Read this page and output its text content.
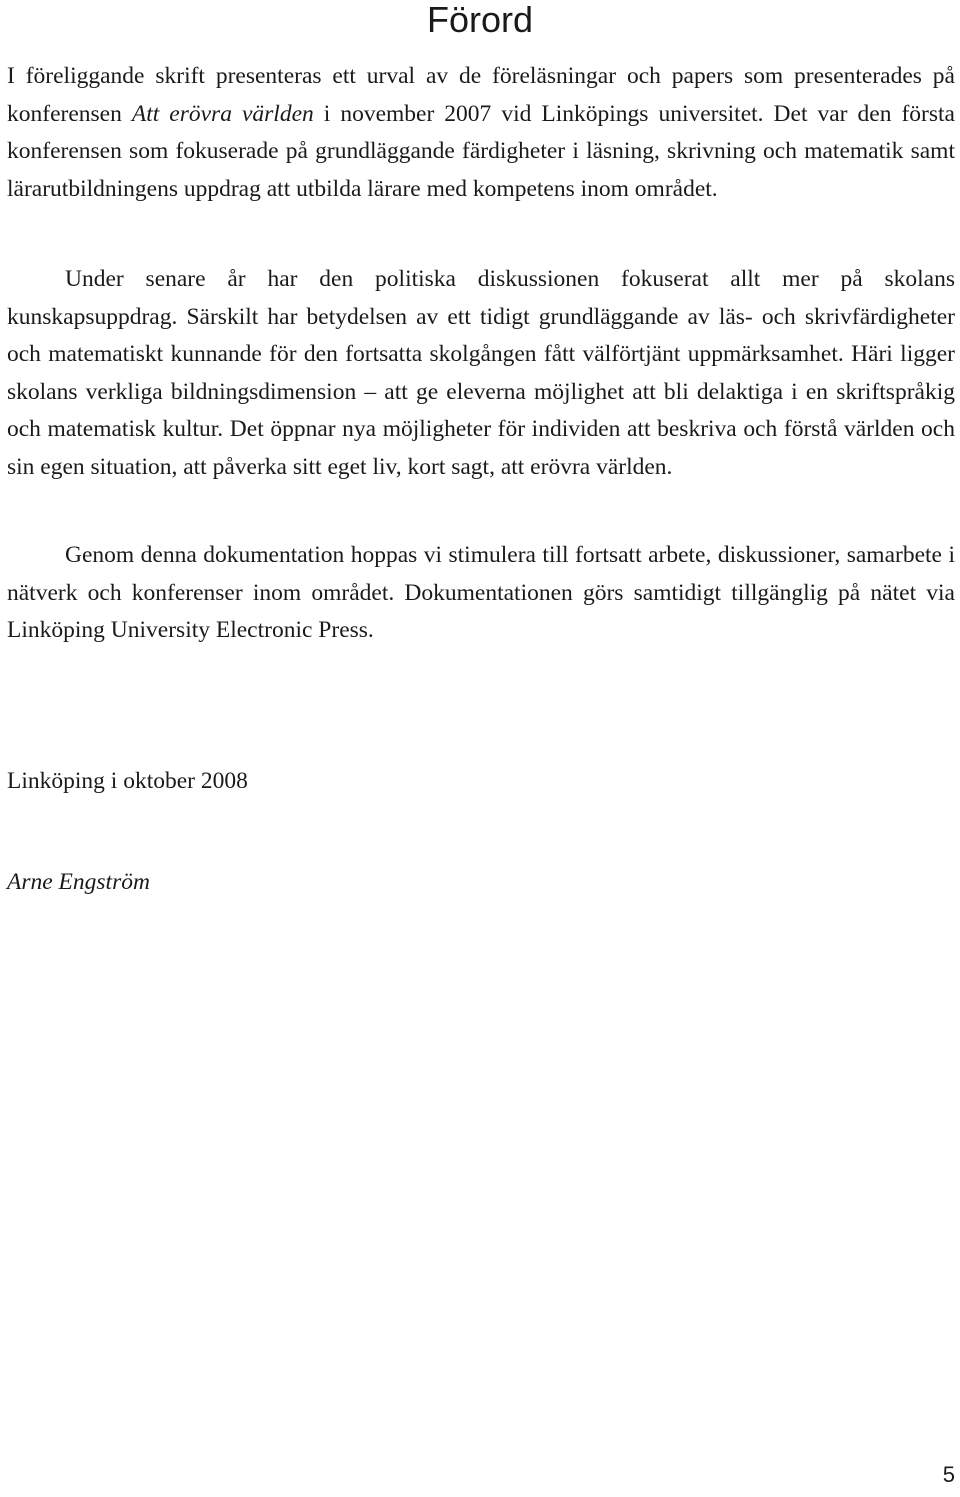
Förord

I föreliggande skrift presenteras ett urval av de föreläsningar och papers som presenterades på konferensen Att erövra världen i november 2007 vid Linköpings universitet. Det var den första konferensen som fokuserade på grundläggande färdigheter i läsning, skrivning och matematik samt lärarutbildningens uppdrag att utbilda lärare med kompetens inom området.

Under senare år har den politiska diskussionen fokuserat allt mer på skolans kunskapsuppdrag. Särskilt har betydelsen av ett tidigt grundläggande av läs- och skrivfärdigheter och matematiskt kunnande för den fortsatta skolgången fått välförtjänt uppmärksamhet. Häri ligger skolans verkliga bildningsdimension – att ge eleverna möjlighet att bli delaktiga i en skriftspråkig och matematisk kultur. Det öppnar nya möjligheter för individen att beskriva och förstå världen och sin egen situation, att påverka sitt eget liv, kort sagt, att erövra världen.

Genom denna dokumentation hoppas vi stimulera till fortsatt arbete, diskussioner, samarbete i nätverk och konferenser inom området. Dokumentationen görs samtidigt tillgänglig på nätet via Linköping University Electronic Press.

Linköping i oktober 2008

Arne Engström

5
